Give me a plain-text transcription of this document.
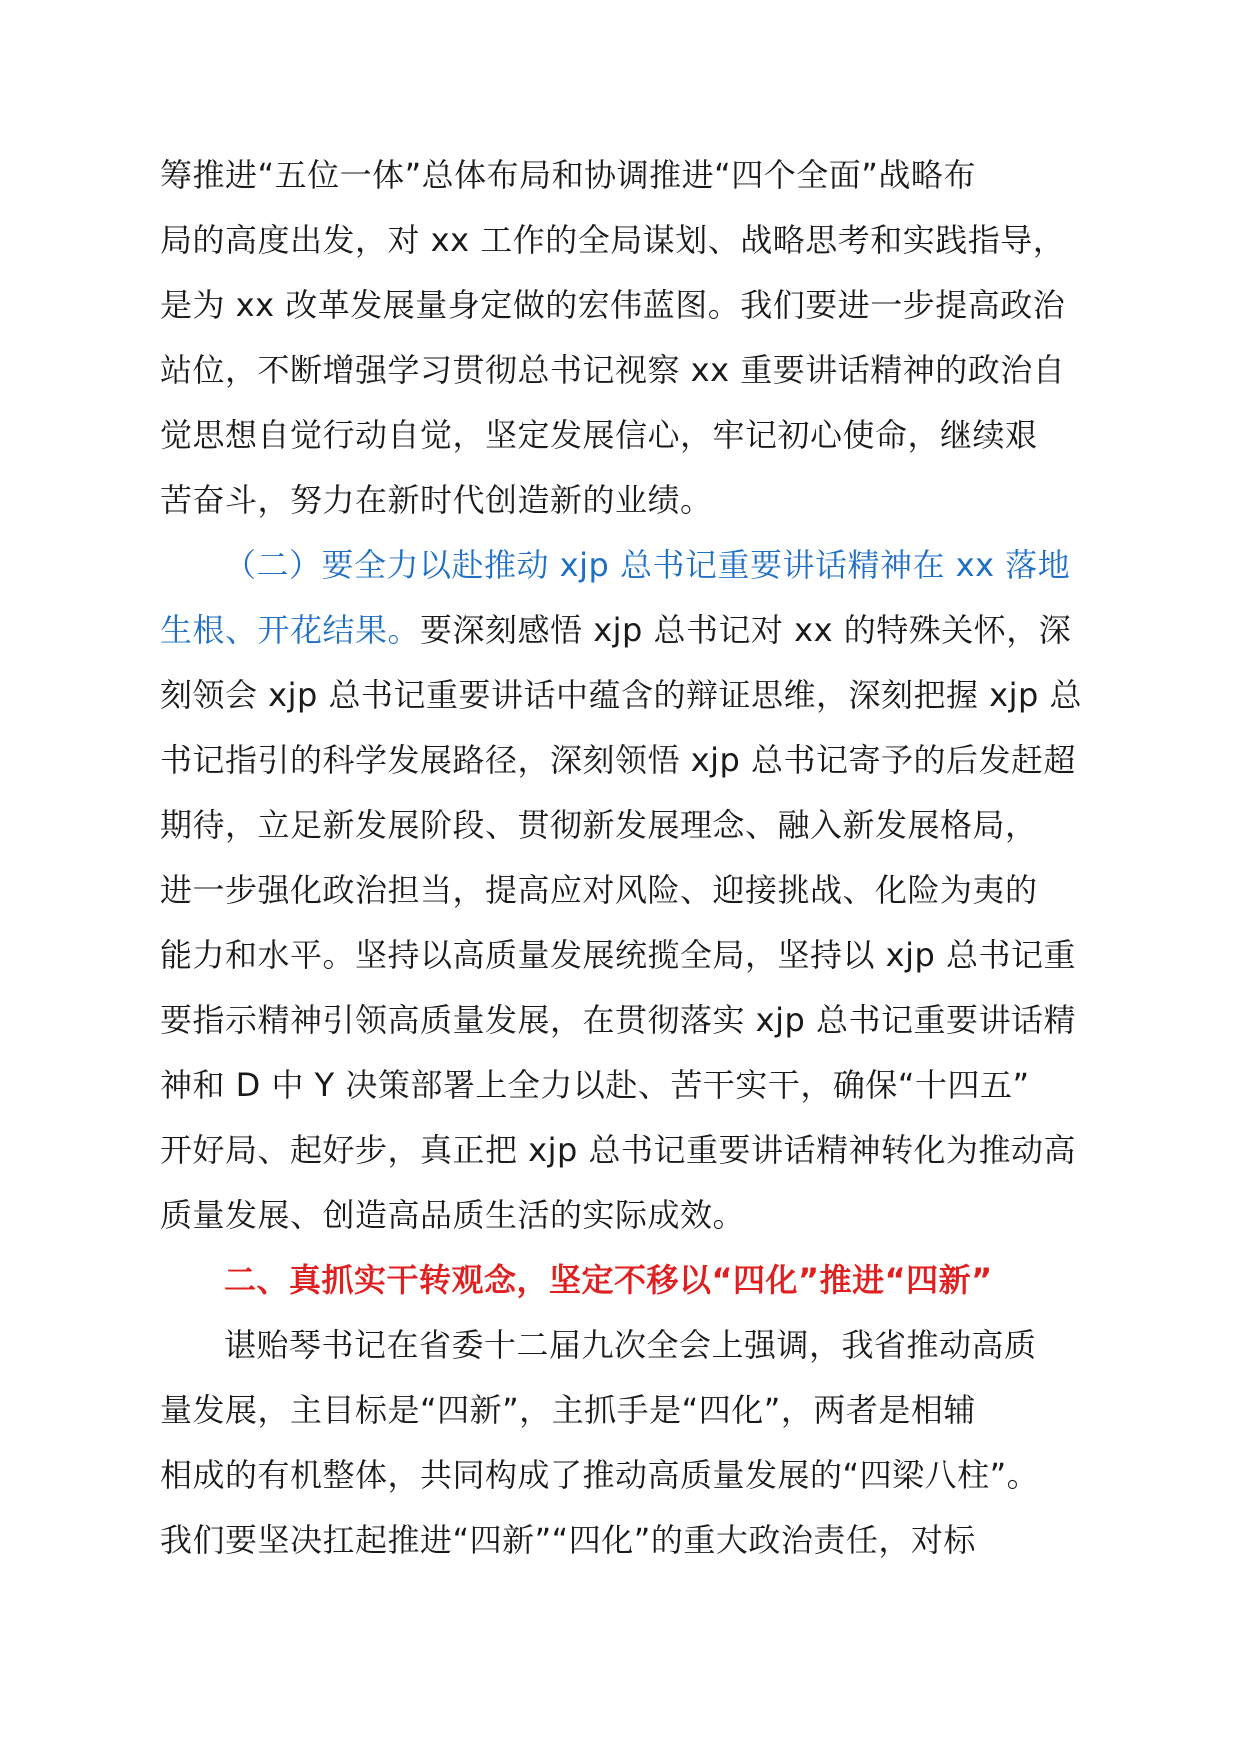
筹推进“五位一体”总体布局和协调推进“四个全面”战略布
局的高度出发，对 xx 工作的全局谋划、战略思考和实践指导，
是为 xx 改革发展量身定做的宏伟蓝图。我们要进一步提高政治
站位，不断增强学习贯彻总书记视察 xx 重要讲话精神的政治自
觉思想自觉行动自觉，坚定发展信心，牢记初心使命，继续艰
苦奋斗，努力在新时代创造新的业绩。
（二）要全力以赴推动 xjp 总书记重要讲话精神在 xx 落地
生根、开花结果。要深刻感悟 xjp 总书记对 xx 的特殊关怀，深
刻领会 xjp 总书记重要讲话中蕴含的辩证思维，深刻把握 xjp 总
书记指引的科学发展路径，深刻领悟 xjp 总书记寄予的后发赶超
期待，立足新发展阶段、贯彻新发展理念、融入新发展格局，
进一步强化政治担当，提高应对风险、迎接挑战、化险为夷的
能力和水平。坚持以高质量发展统揽全局，坚持以 xjp 总书记重
要指示精神引领高质量发展，在贯彻落实 xjp 总书记重要讲话精
神和 D 中 Y 决策部署上全力以赴、苦干实干，确保“十四五”
开好局、起好步，真正把 xjp 总书记重要讲话精神转化为推动高
质量发展、创造高品质生活的实际成效。
二、真抓实干转观念，坚定不移以“四化”推进“四新”
谌贻琴书记在省委十二届九次全会上强调，我省推动高质
量发展，主目标是“四新”，主抓手是“四化”，两者是相辅
相成的有机整体，共同构成了推动高质量发展的“四梁八柱”。
我们要坚决扛起推进“四新”“四化”的重大政治责任，对标
